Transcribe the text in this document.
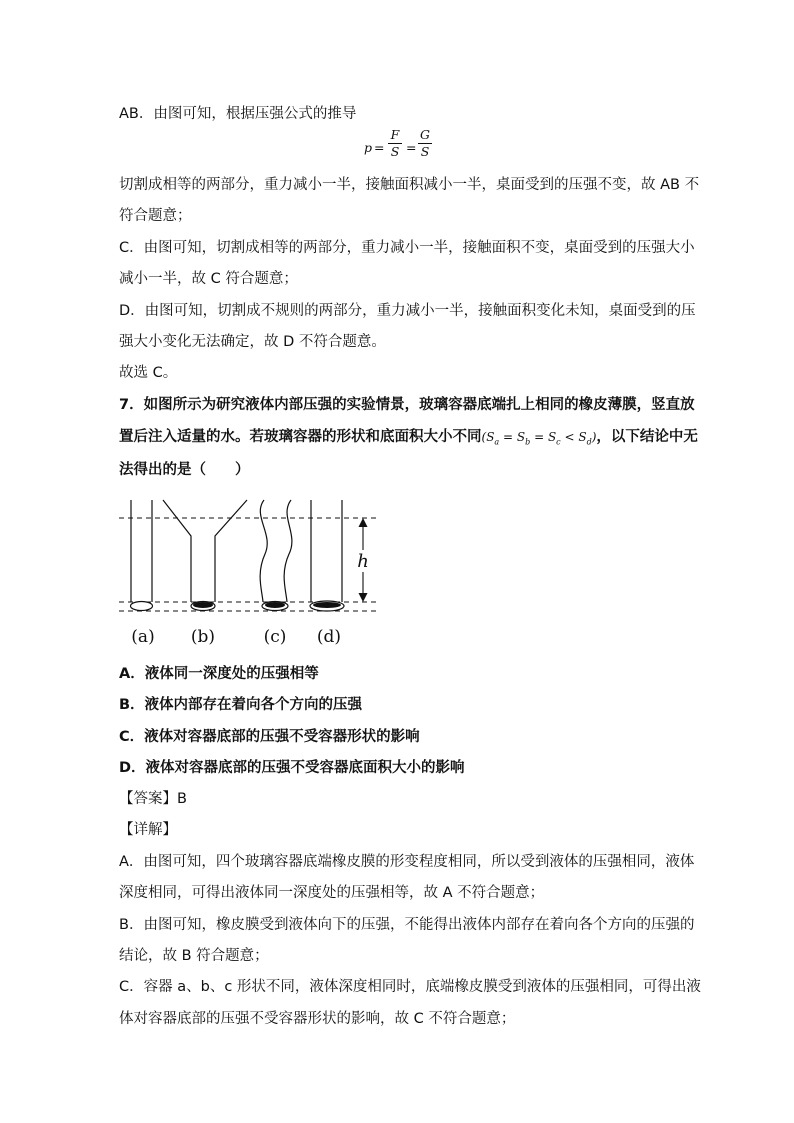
AB．由图可知，根据压强公式的推导
p =
F
S =
G
S
切割成相等的两部分，重力减小一半，接触面积减小一半，桌面受到的压强不变，故 AB 不
符合题意；
C．由图可知，切割成相等的两部分，重力减小一半，接触面积不变，桌面受到的压强大小
减小一半，故 C 符合题意；
D．由图可知，切割成不规则的两部分，重力减小一半，接触面积变化未知，桌面受到的压
强大小变化无法确定，故 D 不符合题意。
故选 C。
7．如图所示为研究液体内部压强的实验情景，玻璃容器底端扎上相同的橡皮薄膜，竖直放
置后注入适量的水。若玻璃容器的形状和底面积大小不同$(S_a = S_b = S_c < S_d)$，以下结论中无
法得出的是（　　）
h
(a) (b)	(c) (d)
A．液体同一深度处的压强相等
B．液体内部存在着向各个方向的压强
C．液体对容器底部的压强不受容器形状的影响
D．液体对容器底部的压强不受容器底面积大小的影响
【答案】B
【详解】
A．由图可知，四个玻璃容器底端橡皮膜的形变程度相同，所以受到液体的压强相同，液体
深度相同，可得出液体同一深度处的压强相等，故 A 不符合题意；
B．由图可知，橡皮膜受到液体向下的压强，不能得出液体内部存在着向各个方向的压强的
结论，故 B 符合题意；
C．容器 a、b、c 形状不同，液体深度相同时，底端橡皮膜受到液体的压强相同，可得出液
体对容器底部的压强不受容器形状的影响，故 C 不符合题意；
